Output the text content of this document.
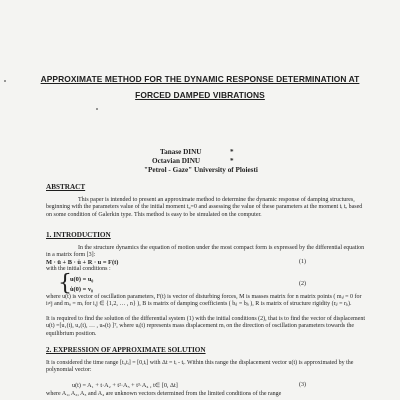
APPROXIMATE METHOD FOR THE DYNAMIC RESPONSE DETERMINATION AT
FORCED DAMPED VIBRATIONS
Tanase DINU	*
Octavian DINU	*
"Petrol - Gaze" University of Ploiesti
ABSTRACT
This paper is intended to present an approximate method to determine the dynamic response of damping structures, beginning with the parameters value of the initial moment t₀=0 and assessing the value of these parameters at the moment tᵢ tₑ based on some condition of Galerkin type. This method is easy to be simulated on the computer.
1. INTRODUCTION
In the structure dynamics the equation of motion under the most compact form is expressed by the differential equation in a matrix form [3]:
M · ü + B · u̇ + R · u = F(t)	(1)
with the initial conditions :
{
u(0) = u₀
u̇(0) = v₀
(2)
where u(t) is vector of oscillation parameters, F(t) is vector of disturbing forces, M is masses matrix for n matrix points ( mᵢⱼ = 0 for i≠j and mᵢᵢ = mᵢ for i,j ∈ {1,2, … , n} ), B is matrix of damping coefficients ( bᵢⱼ = bⱼᵢ ), R is matrix of structure rigidity (rᵢⱼ = rⱼᵢ).
It is required to find the solution of the differential system (1) with the initial conditions (2), that is to find the vector of displacement u(t) =[u₁(t), u₂(t), … , uₙ(t) ]ᵀ, where uᵢ(t) represents mass displacement mᵢ on the direction of oscillation parameters towards the equilibrium position.
2. EXPRESSION OF APPROXIMATE SOLUTION
It is considered the time range [tᵢ,tᵢ] = [0,tᵢ] with Δt = tᵢ - tᵢ. Within this range the displacement vector u(t) is approximated by the polynomial vector:
u(t) = A₁ + t·A₂ + t²·A₃ + t³·A₄ , t∈ [0, Δt]	(3)
where A₁, A₂, A₃ and A₄ are unknown vectors determined from the limited conditions of the range
